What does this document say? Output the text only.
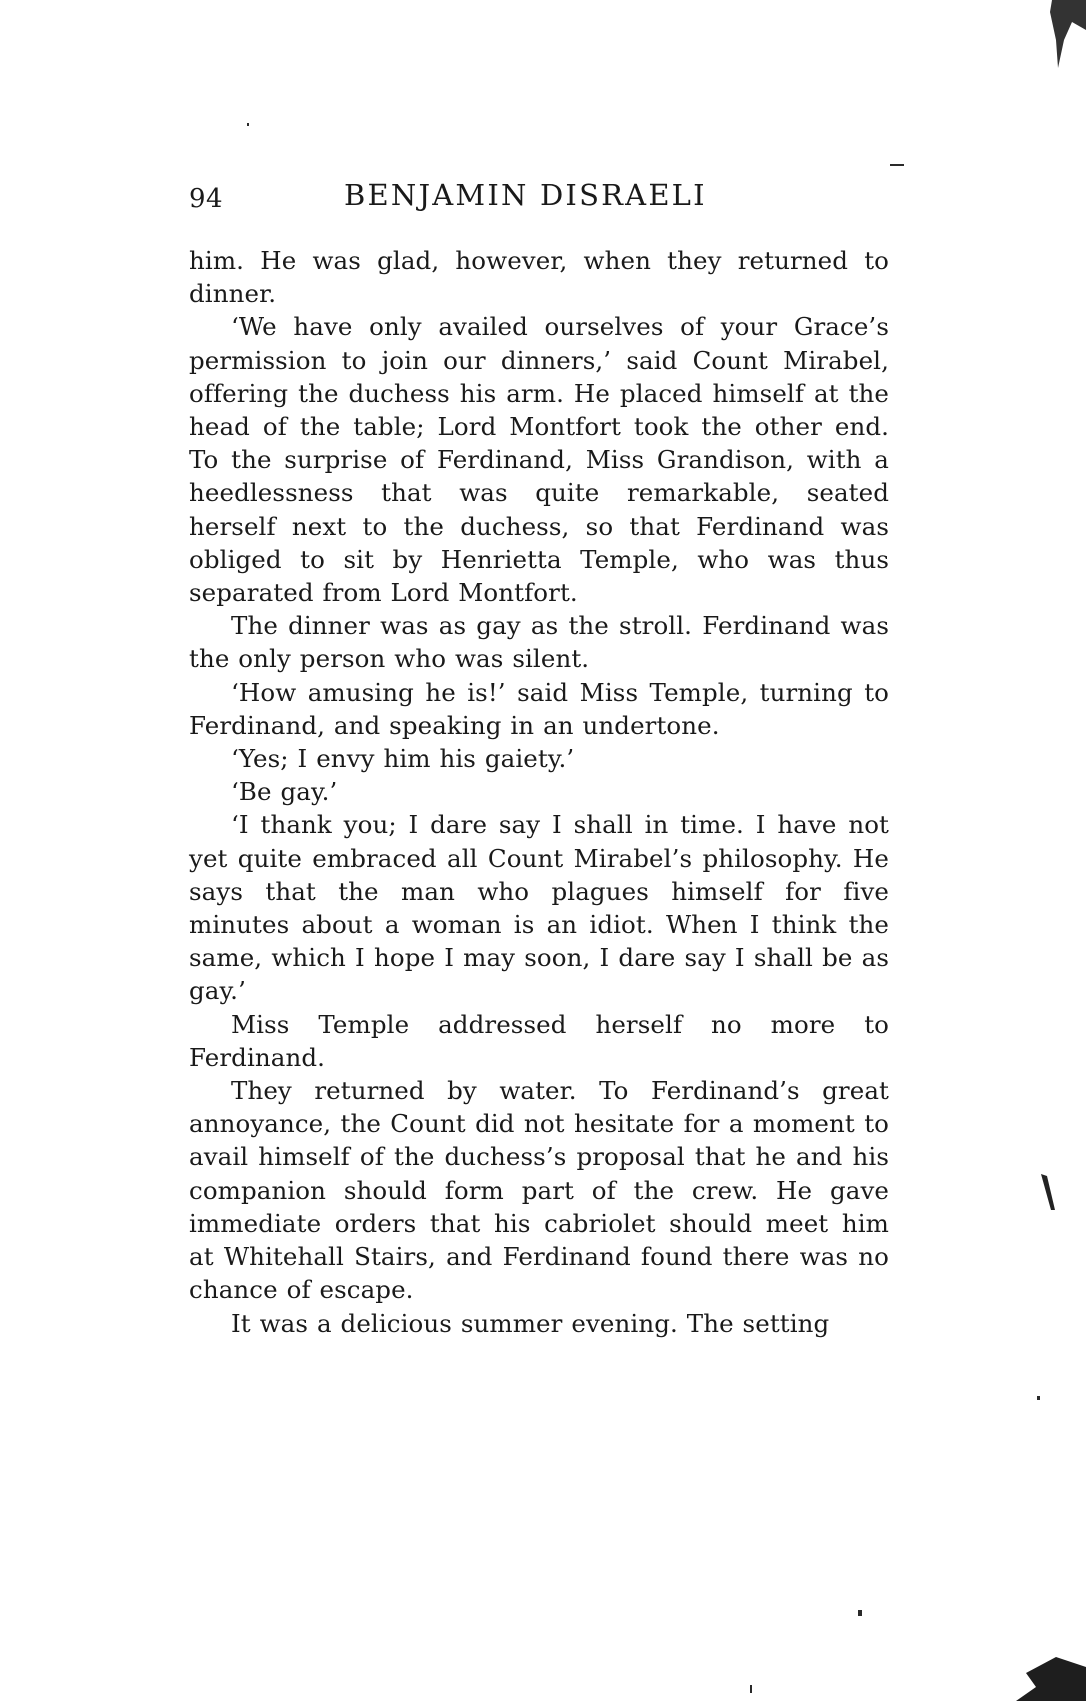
94	BENJAMIN DISRAELI

him. He was glad, however, when they returned to dinner.

‘We have only availed ourselves of your Grace’s permission to join our dinners,’ said Count Mirabel, offering the duchess his arm. He placed himself at the head of the table; Lord Montfort took the other end. To the surprise of Ferdinand, Miss Grandison, with a heedlessness that was quite remarkable, seated herself next to the duchess, so that Ferdinand was obliged to sit by Henrietta Temple, who was thus separated from Lord Montfort.

The dinner was as gay as the stroll. Ferdinand was the only person who was silent.

‘How amusing he is!’ said Miss Temple, turning to Ferdinand, and speaking in an undertone.

‘Yes; I envy him his gaiety.’

‘Be gay.’

‘I thank you; I dare say I shall in time. I have not yet quite embraced all Count Mirabel’s philosophy. He says that the man who plagues himself for five minutes about a woman is an idiot. When I think the same, which I hope I may soon, I dare say I shall be as gay.’

Miss Temple addressed herself no more to Ferdinand.

They returned by water. To Ferdinand’s great annoyance, the Count did not hesitate for a moment to avail himself of the duchess’s proposal that he and his companion should form part of the crew. He gave immediate orders that his cabriolet should meet him at Whitehall Stairs, and Ferdinand found there was no chance of escape.

It was a delicious summer evening. The setting
